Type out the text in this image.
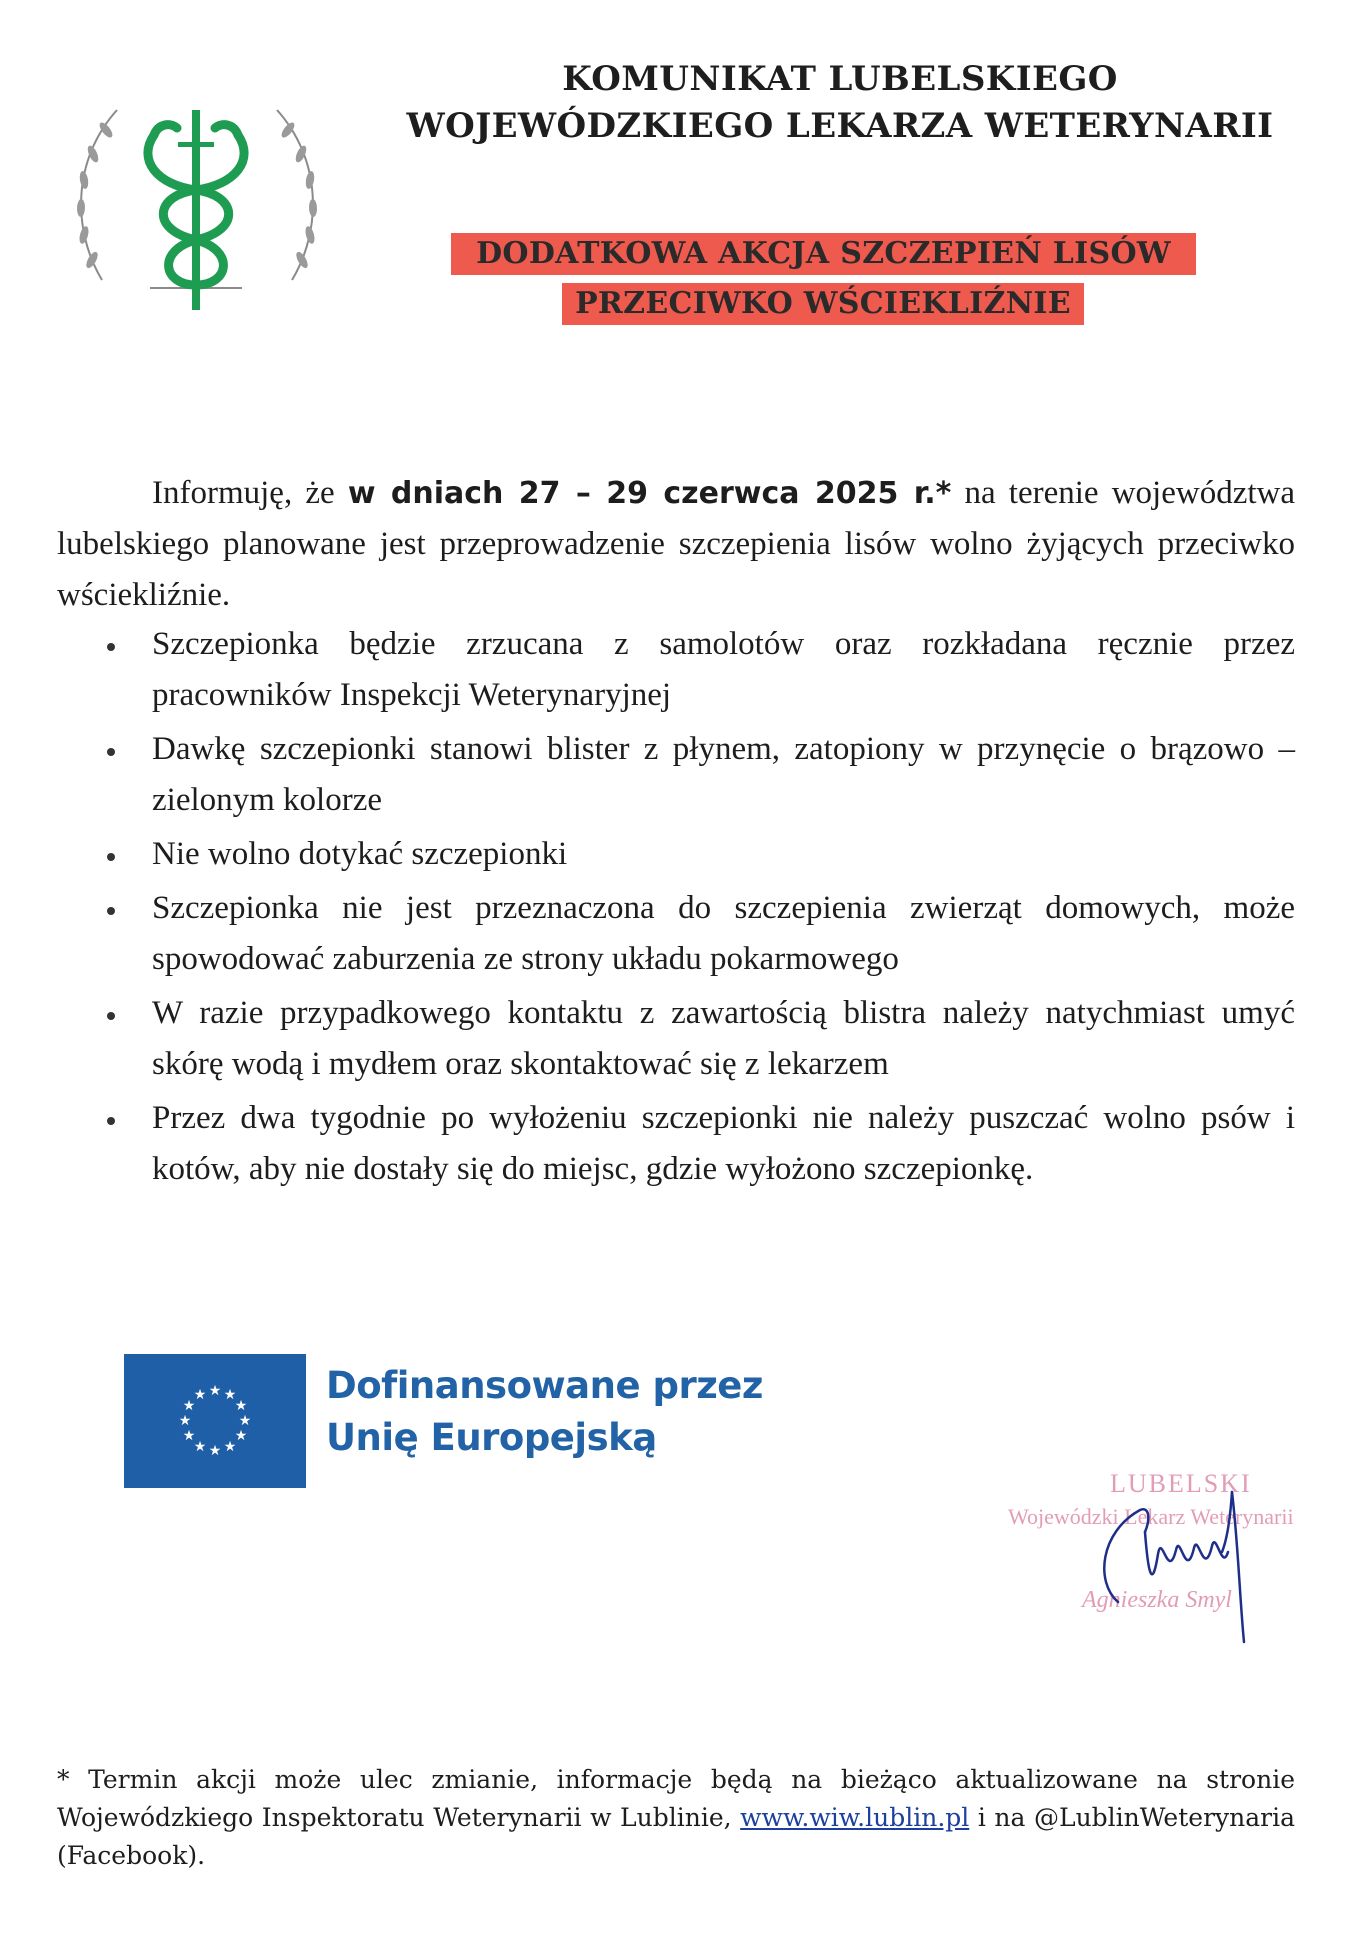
KOMUNIKAT LUBELSKIEGO
WOJEWÓDZKIEGO LEKARZA WETERYNARII
DODATKOWA AKCJA SZCZEPIEŃ LISÓW
PRZECIWKO WŚCIEKLIŹNIE
Informuję, że w dniach 27 – 29 czerwca 2025 r.* na terenie województwa lubelskiego planowane jest przeprowadzenie szczepienia lisów wolno żyjących przeciwko wściekliźnie.
Szczepionka będzie zrzucana z samolotów oraz rozkładana ręcznie przez pracowników Inspekcji Weterynaryjnej
Dawkę szczepionki stanowi blister z płynem, zatopiony w przynęcie o brązowo – zielonym kolorze
Nie wolno dotykać szczepionki
Szczepionka nie jest przeznaczona do szczepienia zwierząt domowych, może spowodować zaburzenia ze strony układu pokarmowego
W razie przypadkowego kontaktu z zawartością blistra należy natychmiast umyć skórę wodą i mydłem oraz skontaktować się z lekarzem
Przez dwa tygodnie po wyłożeniu szczepionki nie należy puszczać wolno psów i kotów, aby nie dostały się do miejsc, gdzie wyłożono szczepionkę.
★ ★
★
★
★
★
★
★
★
★
★
★	Dofinansowane przez
Unię Europejską
LUBELSKI
Wojewódzki Lekarz Weterynarii
Agnieszka Smyl
* Termin akcji może ulec zmianie, informacje będą na bieżąco aktualizowane na stronie Wojewódzkiego Inspektoratu Weterynarii w Lublinie, www.wiw.lublin.pl i na @LublinWeterynaria (Facebook).
